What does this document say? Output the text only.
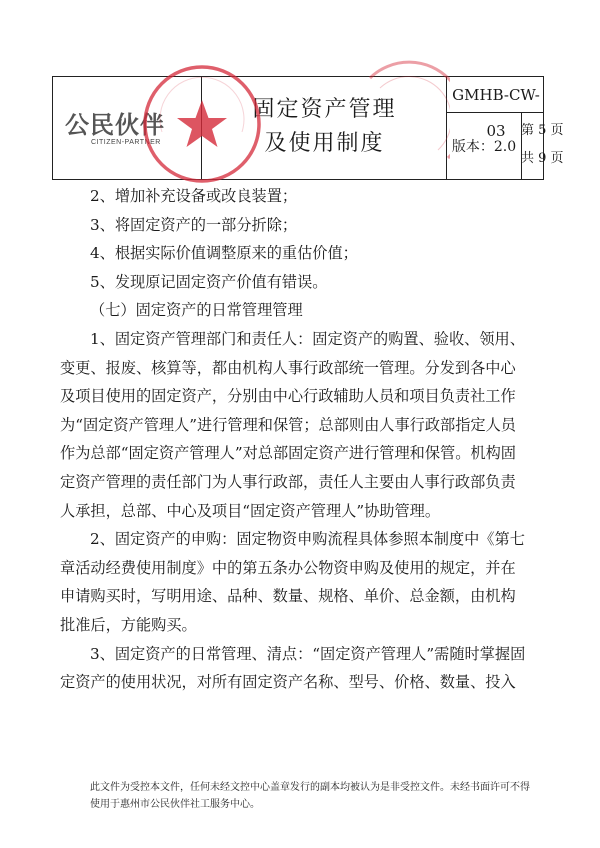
公民伙伴
CITIZEN-PARTNER
固定资产管理
及使用制度
GMHB-CW-03
版本：2.0
第 5 页
共 9 页
2、增加补充设备或改良装置；
3、将固定资产的一部分折除；
4、根据实际价值调整原来的重估价值；
5、发现原记固定资产价值有错误。
（七）固定资产的日常管理管理
1、固定资产管理部门和责任人：固定资产的购置、验收、领用、
变更、报废、核算等，都由机构人事行政部统一管理。分发到各中心
及项目使用的固定资产，分别由中心行政辅助人员和项目负责社工作
为“固定资产管理人”进行管理和保管；总部则由人事行政部指定人员
作为总部“固定资产管理人”对总部固定资产进行管理和保管。机构固
定资产管理的责任部门为人事行政部，责任人主要由人事行政部负责
人承担，总部、中心及项目“固定资产管理人”协助管理。
2、固定资产的申购：固定物资申购流程具体参照本制度中《第七
章活动经费使用制度》中的第五条办公物资申购及使用的规定，并在
申请购买时，写明用途、品种、数量、规格、单价、总金额，由机构
批准后，方能购买。
3、固定资产的日常管理、清点：“固定资产管理人”需随时掌握固
定资产的使用状况，对所有固定资产名称、型号、价格、数量、投入
此文件为受控本文件，任何未经文控中心盖章发行的副本均被认为是非受控文件。未经书面许可不得
使用于惠州市公民伙伴社工服务中心。
